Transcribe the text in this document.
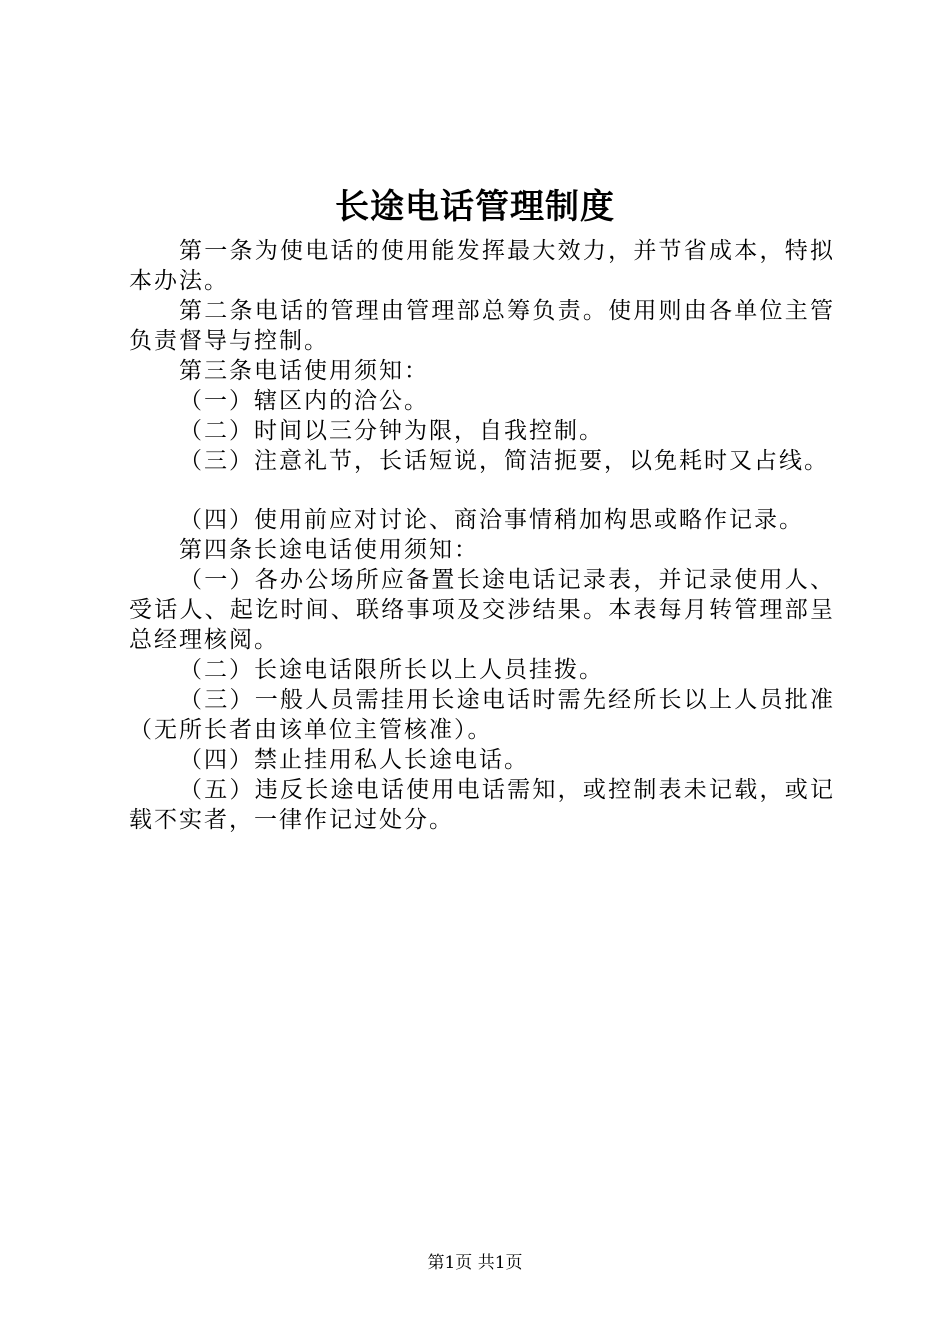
长途电话管理制度

第一条为使电话的使用能发挥最大效力，并节省成本，特拟本办法。

第二条电话的管理由管理部总筹负责。使用则由各单位主管负责督导与控制。

第三条电话使用须知：

（一）辖区内的洽公。

（二）时间以三分钟为限，自我控制。

（三）注意礼节，长话短说，简洁扼要，以免耗时又占线。

（四）使用前应对讨论、商洽事情稍加构思或略作记录。

第四条长途电话使用须知：

（一）各办公场所应备置长途电话记录表，并记录使用人、受话人、起讫时间、联络事项及交涉结果。本表每月转管理部呈总经理核阅。

（二）长途电话限所长以上人员挂拨。

（三）一般人员需挂用长途电话时需先经所长以上人员批准（无所长者由该单位主管核准）。

（四）禁止挂用私人长途电话。

（五）违反长途电话使用电话需知，或控制表未记载，或记载不实者，一律作记过处分。

第1页 共1页
